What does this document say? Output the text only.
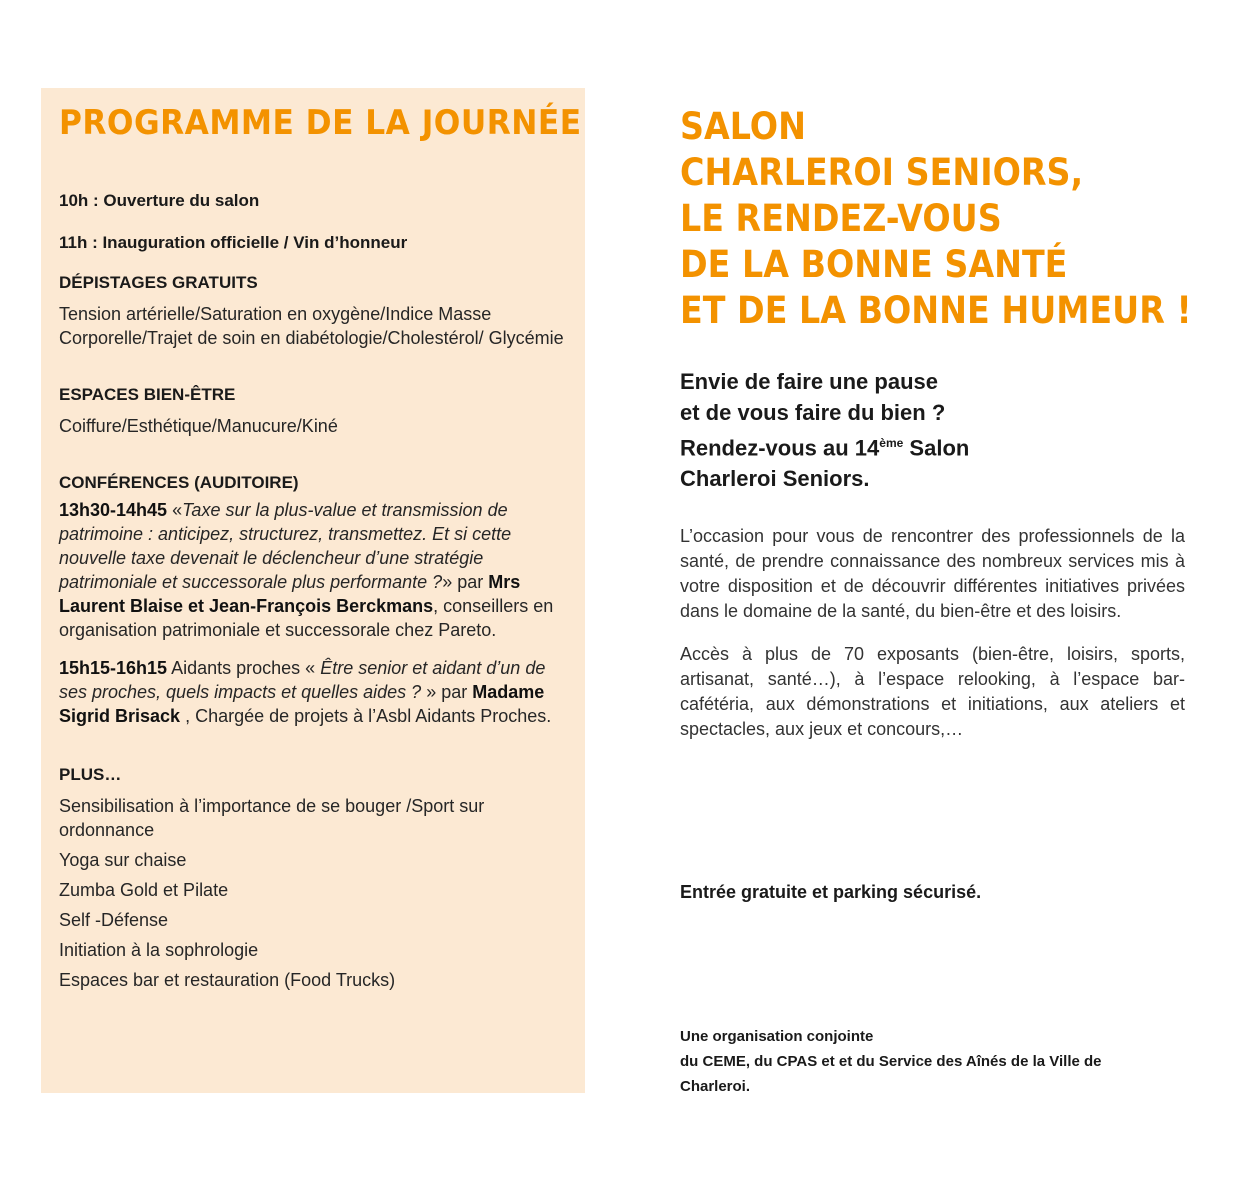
PROGRAMME DE LA JOURNÉE

10h : Ouverture du salon

11h : Inauguration officielle / Vin d’honneur

DÉPISTAGES GRATUITS

Tension artérielle/Saturation en oxygène/Indice Masse Corporelle/Trajet de soin en diabétologie/Cholestérol/ Glycémie

ESPACES BIEN-ÊTRE

Coiffure/Esthétique/Manucure/Kiné

CONFÉRENCES (AUDITOIRE)

13h30-14h45 «Taxe sur la plus-value et transmission de patrimoine : anticipez, structurez, transmettez. Et si cette nouvelle taxe devenait le déclencheur d’une stratégie patrimoniale et successorale plus performante ?» par Mrs Laurent Blaise et Jean-François Berckmans, conseillers en organisation patrimoniale et successorale chez Pareto.

15h15-16h15 Aidants proches « Être senior et aidant d’un de ses proches, quels impacts et quelles aides ? » par Madame Sigrid Brisack , Chargée de projets à l’Asbl Aidants Proches.

PLUS…

Sensibilisation à l’importance de se bouger /Sport sur ordonnance
Yoga sur chaise
Zumba Gold et Pilate
Self -Défense
Initiation à la sophrologie
Espaces bar et restauration (Food Trucks)

SALON

CHARLEROI SENIORS,

LE RENDEZ-VOUS

DE LA BONNE SANTÉ

ET DE LA BONNE HUMEUR !

Envie de faire une pause
et de vous faire du bien ?
Rendez-vous au 14ème Salon
Charleroi Seniors.

L’occasion pour vous de rencontrer des professionnels de la santé, de prendre connaissance des nombreux services mis à votre disposition et de découvrir différentes initiatives privées dans le domaine de la santé, du bien-être et des loisirs.

Accès à plus de 70 exposants (bien-être, loisirs, sports, artisanat, santé…), à l’espace relooking, à l’espace bar-cafétéria, aux démonstrations et initiations, aux ateliers et spectacles, aux jeux et concours,…

Entrée gratuite et parking sécurisé.

Une organisation conjointe
du CEME, du CPAS et et du Service des Aînés de la Ville de Charleroi.
